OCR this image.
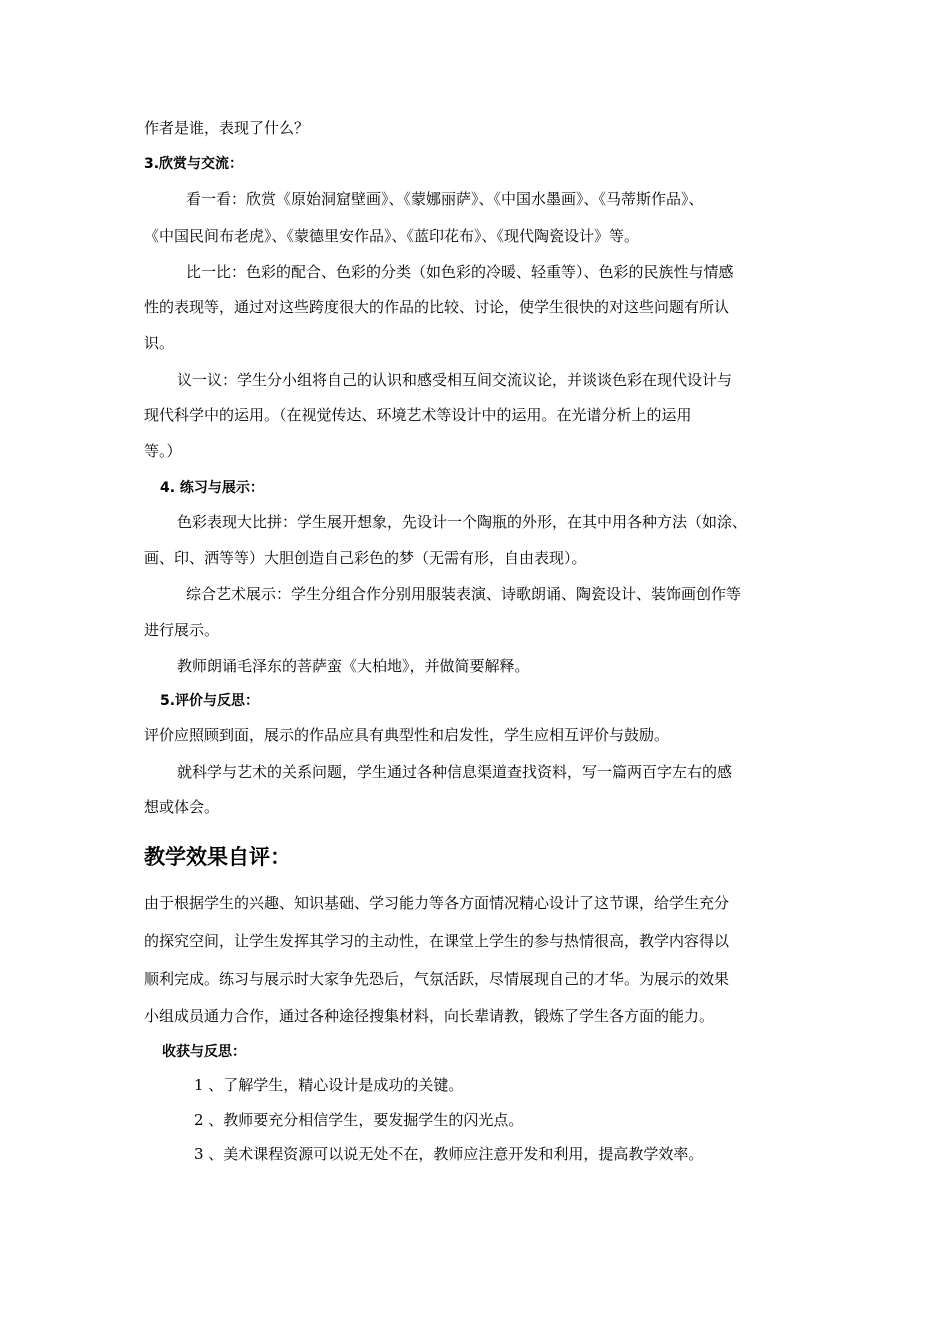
作者是谁，表现了什么？
3.欣赏与交流：
看一看：欣赏《原始洞窟壁画》、《蒙娜丽萨》、《中国水墨画》、《马蒂斯作品》、
《中国民间布老虎》、《蒙德里安作品》、《蓝印花布》、《现代陶瓷设计》等。
比一比：色彩的配合、色彩的分类（如色彩的冷暖、轻重等）、色彩的民族性与情感
性的表现等，通过对这些跨度很大的作品的比较、讨论，使学生很快的对这些问题有所认
识。
议一议：学生分小组将自己的认识和感受相互间交流议论，并谈谈色彩在现代设计与
现代科学中的运用。（在视觉传达、环境艺术等设计中的运用。在光谱分析上的运用
等。）
4. 练习与展示：
色彩表现大比拼：学生展开想象，先设计一个陶瓶的外形，在其中用各种方法（如涂、
画、印、洒等等）大胆创造自己彩色的梦（无需有形，自由表现）。
综合艺术展示：学生分组合作分别用服装表演、诗歌朗诵、陶瓷设计、装饰画创作等
进行展示。
教师朗诵毛泽东的菩萨蛮《大柏地》，并做简要解释。
5.评价与反思：
评价应照顾到面，展示的作品应具有典型性和启发性，学生应相互评价与鼓励。
就科学与艺术的关系问题，学生通过各种信息渠道查找资料，写一篇两百字左右的感
想或体会。
教学效果自评：
由于根据学生的兴趣、知识基础、学习能力等各方面情况精心设计了这节课，给学生充分
的探究空间，让学生发挥其学习的主动性，在课堂上学生的参与热情很高，教学内容得以
顺利完成。练习与展示时大家争先恐后，气氛活跃，尽情展现自己的才华。为展示的效果
小组成员通力合作，通过各种途径搜集材料，向长辈请教，锻炼了学生各方面的能力。
收获与反思：
1 、了解学生，精心设计是成功的关键。
2 、教师要充分相信学生，要发掘学生的闪光点。
3 、美术课程资源可以说无处不在，教师应注意开发和利用，提高教学效率。
